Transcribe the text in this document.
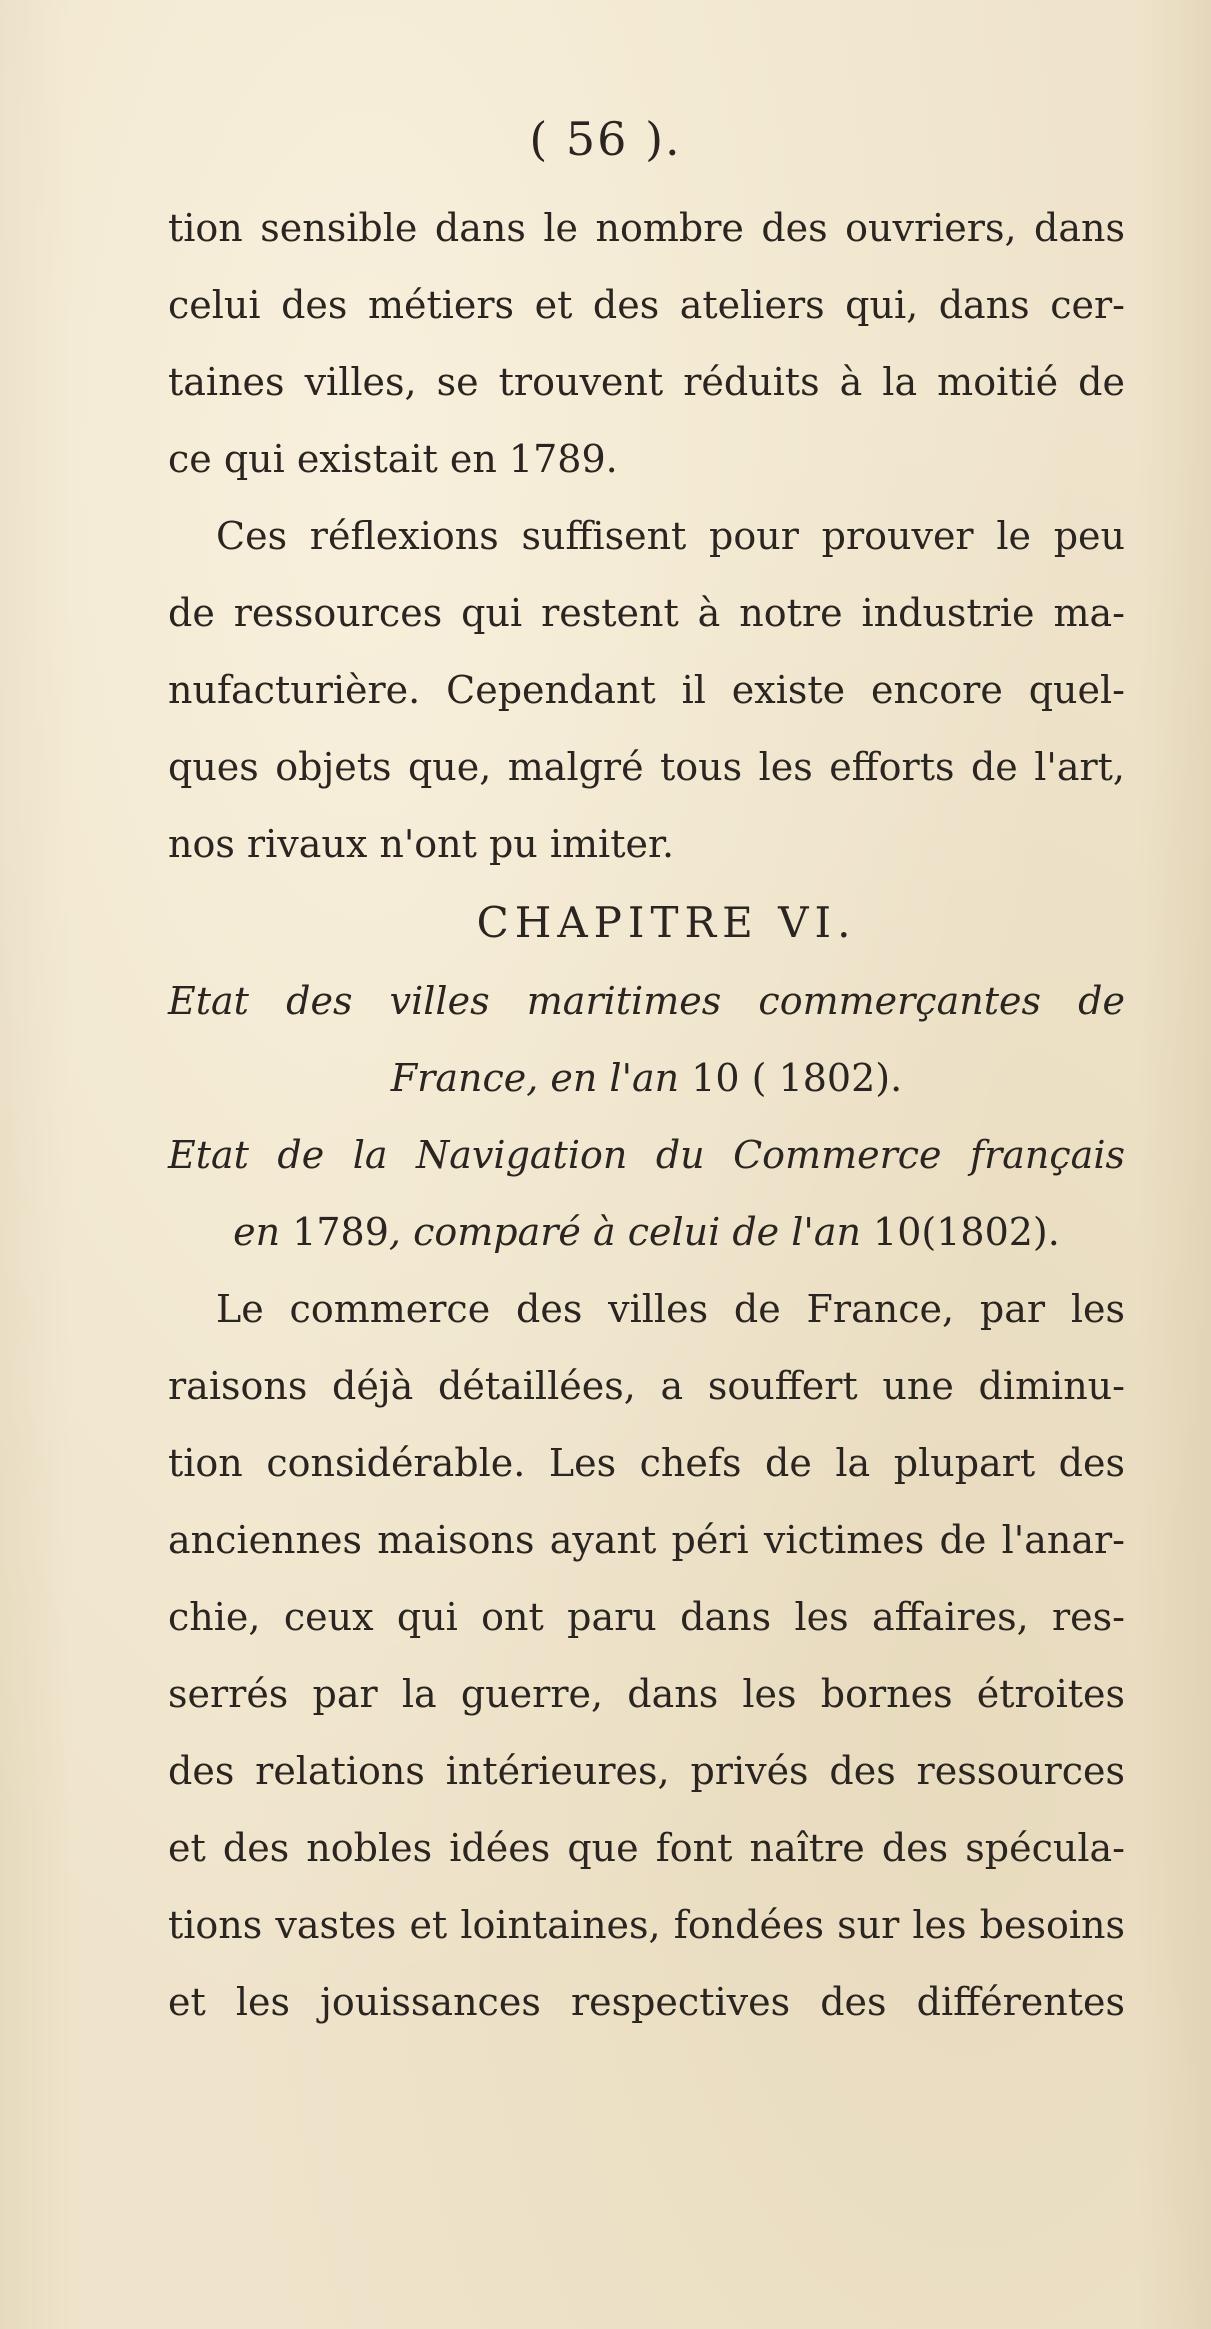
( 56 ).
tion sensible dans le nombre des ouvriers, dans
celui des métiers et des ateliers qui, dans cer-
taines villes, se trouvent réduits à la moitié de
ce qui existait en 1789.
Ces réflexions suffisent pour prouver le peu
de ressources qui restent à notre industrie ma-
nufacturière. Cependant il existe encore quel-
ques objets que, malgré tous les efforts de l'art,
nos rivaux n'ont pu imiter.
CHAPITRE VI.
Etat des villes maritimes commerçantes de
France, en l'an 10 ( 1802).
Etat de la Navigation du Commerce français
en 1789, comparé à celui de l'an 10(1802).
Le commerce des villes de France, par les
raisons déjà détaillées, a souffert une diminu-
tion considérable. Les chefs de la plupart des
anciennes maisons ayant péri victimes de l'anar-
chie, ceux qui ont paru dans les affaires, res-
serrés par la guerre, dans les bornes étroites
des relations intérieures, privés des ressources
et des nobles idées que font naître des spécula-
tions vastes et lointaines, fondées sur les besoins
et les jouissances respectives des différentes
